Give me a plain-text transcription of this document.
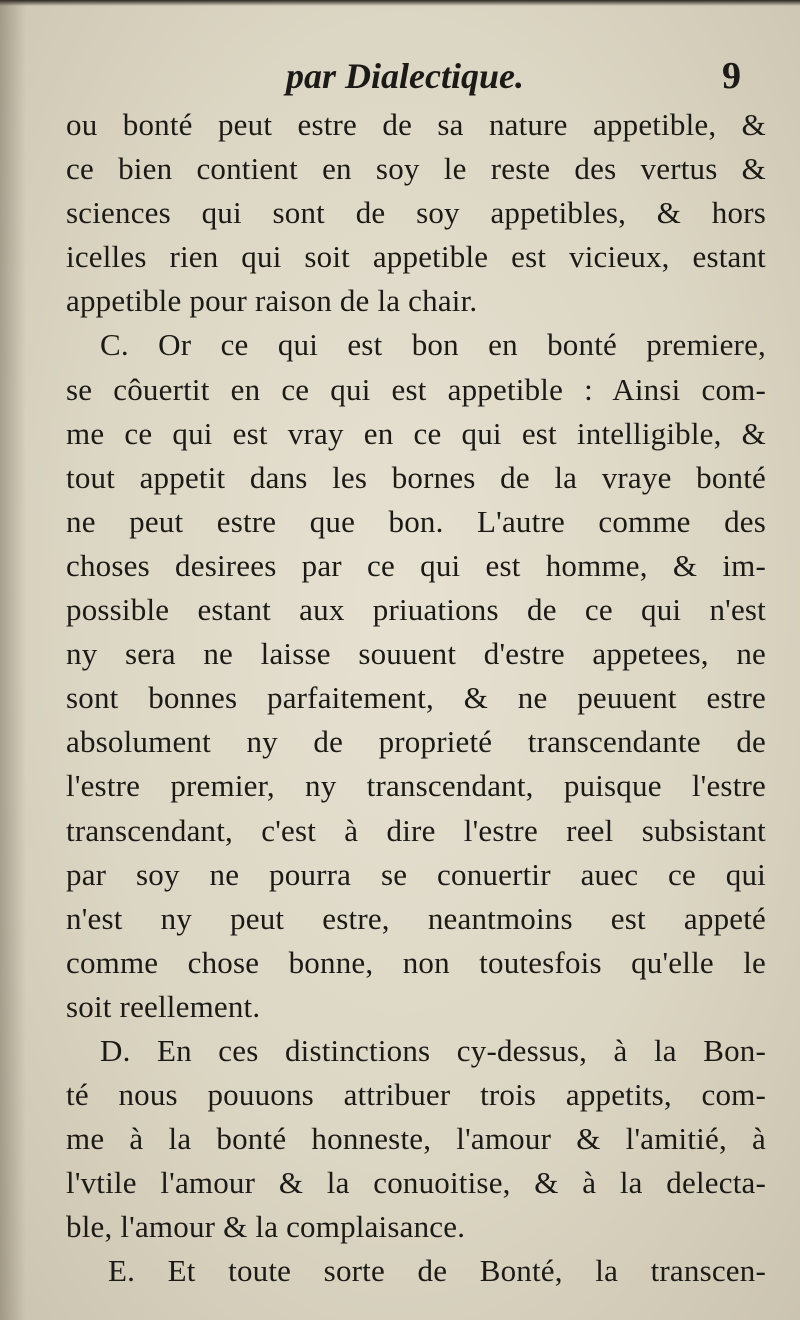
par Dialectique.	9
ou bonté peut estre de sa nature appetible, &
ce bien contient en soy le reste des vertus &
sciences qui sont de soy appetibles, & hors
icelles rien qui soit appetible est vicieux, estant
appetible pour raison de la chair.
C. Or ce qui est bon en bonté premiere,
se côuertit en ce qui est appetible : Ainsi com-
me ce qui est vray en ce qui est intelligible, &
tout appetit dans les bornes de la vraye bonté
ne peut estre que bon. L'autre comme des
choses desirees par ce qui est homme, & im-
possible estant aux priuations de ce qui n'est
ny sera ne laisse souuent d'estre appetees, ne
sont bonnes parfaitement, & ne peuuent estre
absolument ny de proprieté transcendante de
l'estre premier, ny transcendant, puisque l'estre
transcendant, c'est à dire l'estre reel subsistant
par soy ne pourra se conuertir auec ce qui
n'est ny peut estre, neantmoins est appeté
comme chose bonne, non toutesfois qu'elle le
soit reellement.
D. En ces distinctions cy-dessus, à la Bon-
té nous pouuons attribuer trois appetits, com-
me à la bonté honneste, l'amour & l'amitié, à
l'vtile l'amour & la conuoitise, & à la delecta-
ble, l'amour & la complaisance.
E. Et toute sorte de Bonté, la transcen-
